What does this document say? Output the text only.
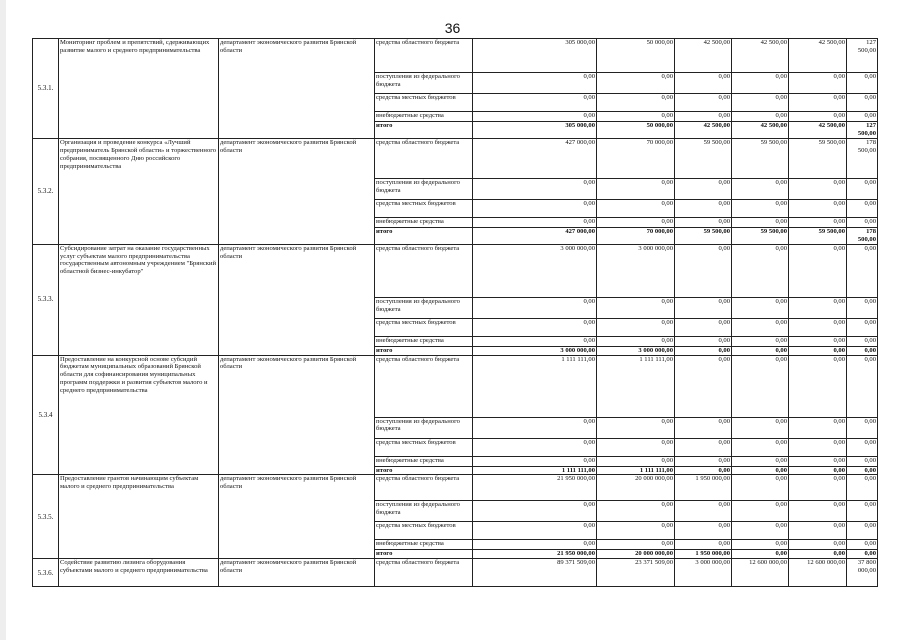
36
5.3.1.	Мониторинг проблем и препятствий, сдерживающих развитие малого и среднего предпринимательства	департамент экономического развития Брянской области	средства областного бюджета	305 000,00	50 000,00	42 500,00	42 500,00	42 500,00	127 500,00
			поступления из федерального бюджета	0,00	0,00	0,00	0,00	0,00	0,00
			средства местных бюджетов	0,00	0,00	0,00	0,00	0,00	0,00
			внебюджетные средства	0,00	0,00	0,00	0,00	0,00	0,00
			итого	305 000,00	50 000,00	42 500,00	42 500,00	42 500,00	127 500,00
5.3.2.	Организация и проведение конкурса «Лучший предприниматель Брянской области» и торжественного собрания, посвященного Дню российского предпринимательства	департамент экономического развития Брянской области	средства областного бюджета	427 000,00	70 000,00	59 500,00	59 500,00	59 500,00	178 500,00
			поступления из федерального бюджета	0,00	0,00	0,00	0,00	0,00	0,00
			средства местных бюджетов	0,00	0,00	0,00	0,00	0,00	0,00
			внебюджетные средства	0,00	0,00	0,00	0,00	0,00	0,00
			итого	427 000,00	70 000,00	59 500,00	59 500,00	59 500,00	178 500,00
5.3.3.	Субсидирование затрат на оказание государственных услуг субъектам малого предпринимательства государственным автономным учреждением "Брянский областной бизнес-инкубатор"	департамент экономического развития Брянской области	средства областного бюджета	3 000 000,00	3 000 000,00	0,00	0,00	0,00	0,00
			поступления из федерального бюджета	0,00	0,00	0,00	0,00	0,00	0,00
			средства местных бюджетов	0,00	0,00	0,00	0,00	0,00	0,00
			внебюджетные средства	0,00	0,00	0,00	0,00	0,00	0,00
			итого	3 000 000,00	3 000 000,00	0,00	0,00	0,00	0,00
5.3.4	Предоставление на конкурсной основе субсидий бюджетам муниципальных образований Брянской области для софинансирования муниципальных программ поддержки и развития субъектов малого и среднего предпринимательства	департамент экономического развития Брянской области	средства областного бюджета	1 111 111,00	1 111 111,00	0,00	0,00	0,00	0,00
			поступления из федерального бюджета	0,00	0,00	0,00	0,00	0,00	0,00
			средства местных бюджетов	0,00	0,00	0,00	0,00	0,00	0,00
			внебюджетные средства	0,00	0,00	0,00	0,00	0,00	0,00
			итого	1 111 111,00	1 111 111,00	0,00	0,00	0,00	0,00
5.3.5.	Предоставление грантов начинающим субъектам малого и среднего предпринимательства	департамент экономического развития Брянской области	средства областного бюджета	21 950 000,00	20 000 000,00	1 950 000,00	0,00	0,00	0,00
			поступления из федерального бюджета	0,00	0,00	0,00	0,00	0,00	0,00
			средства местных бюджетов	0,00	0,00	0,00	0,00	0,00	0,00
			внебюджетные средства	0,00	0,00	0,00	0,00	0,00	0,00
			итого	21 950 000,00	20 000 000,00	1 950 000,00	0,00	0,00	0,00
5.3.6.	Содействие развитию лизинга оборудования субъектами малого и среднего предпринимательства	департамент экономического развития Брянской области	средства областного бюджета	89 371 509,00	23 371 509,00	3 000 000,00	12 600 000,00	12 600 000,00	37 800 000,00
